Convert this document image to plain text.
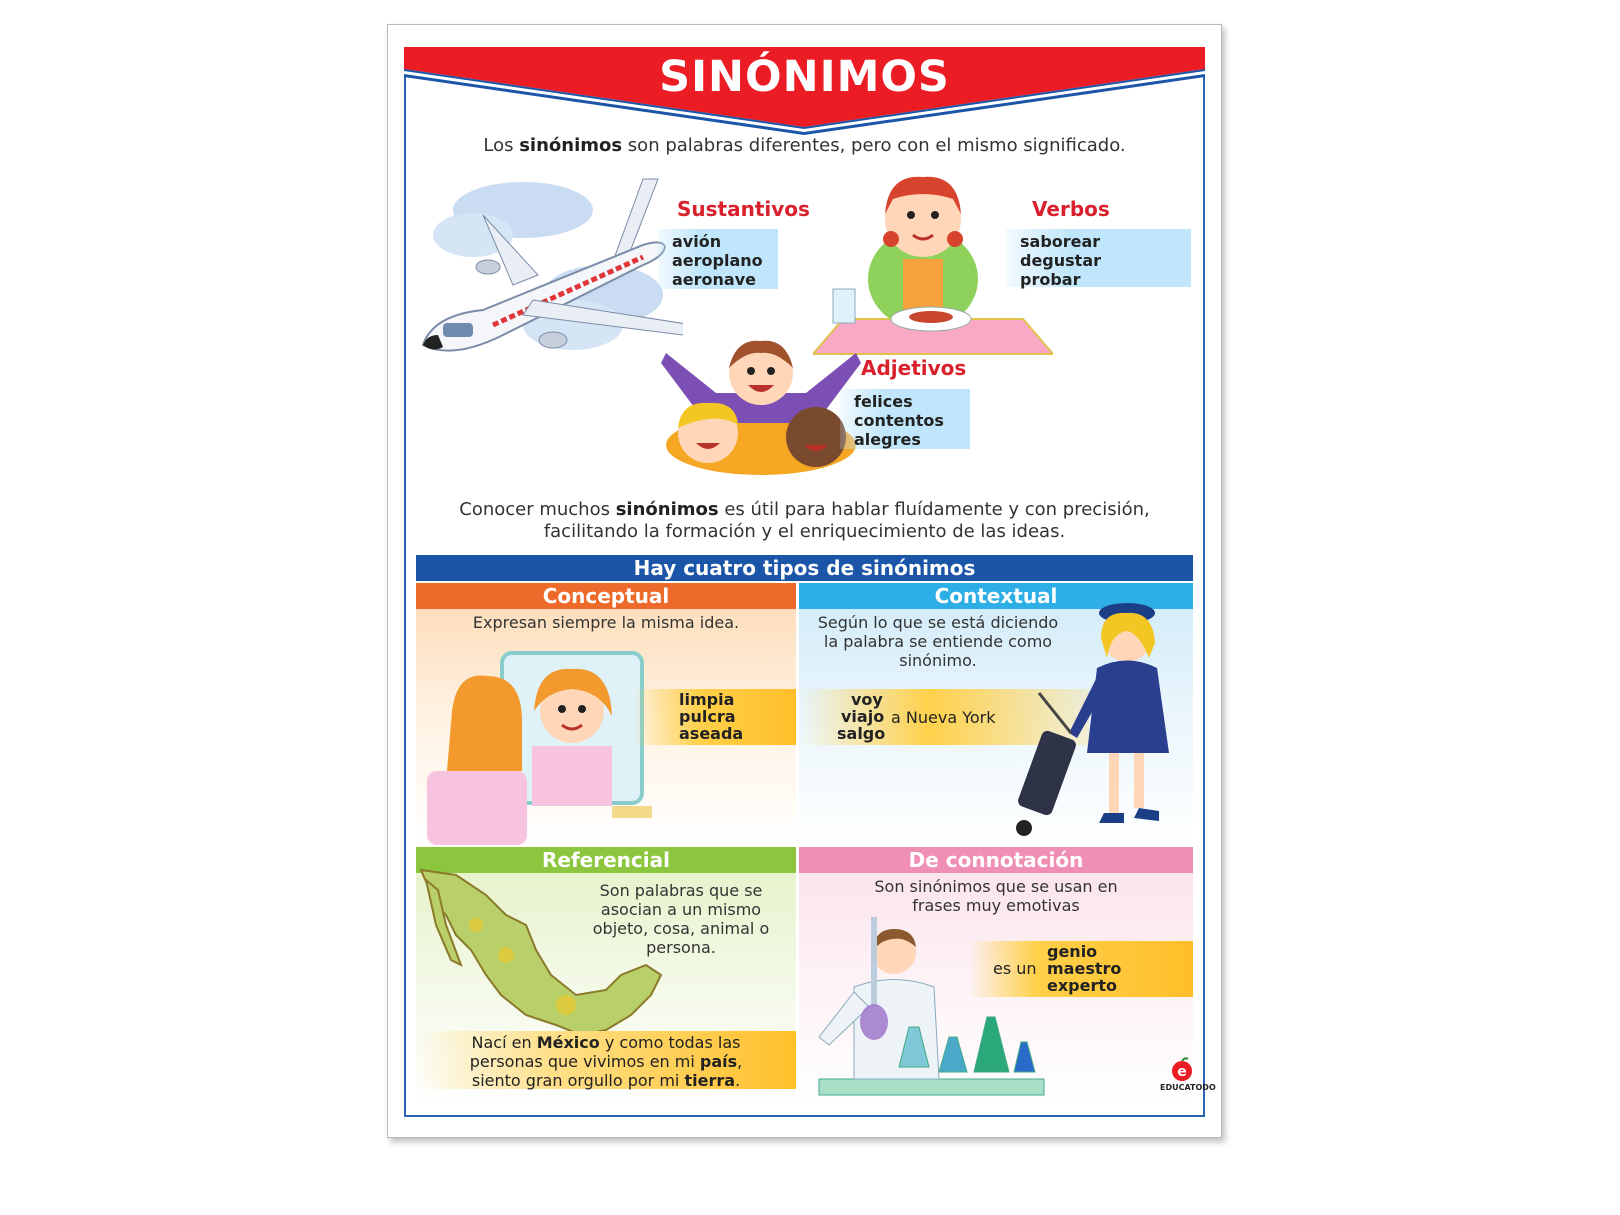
SINÓNIMOS
Los sinónimos son palabras diferentes, pero con el mismo significado.
Sustantivos
avión
aeroplano
aeronave
Verbos
saborear
degustar
probar
Adjetivos
felices
contentos
alegres
Conocer muchos sinónimos es útil para hablar fluídamente y con precisión,
facilitando la formación y el enriquecimiento de las ideas.
Hay cuatro tipos de sinónimos
Conceptual
Expresan siempre la misma idea.
limpia
pulcra
aseada
Contextual
Según lo que se está diciendo
la palabra se entiende como
sinónimo.
voy
viajo
salgo
a Nueva York
Referencial
Son palabras que se
asocian a un mismo
objeto, cosa, animal o
persona.
Nací en México y como todas las
personas que vivimos en mi país,
siento gran orgullo por mi tierra.
De connotación
Son sinónimos que se usan en
frases muy emotivas
es un
genio
maestro
experto
e
EDUCATODO
